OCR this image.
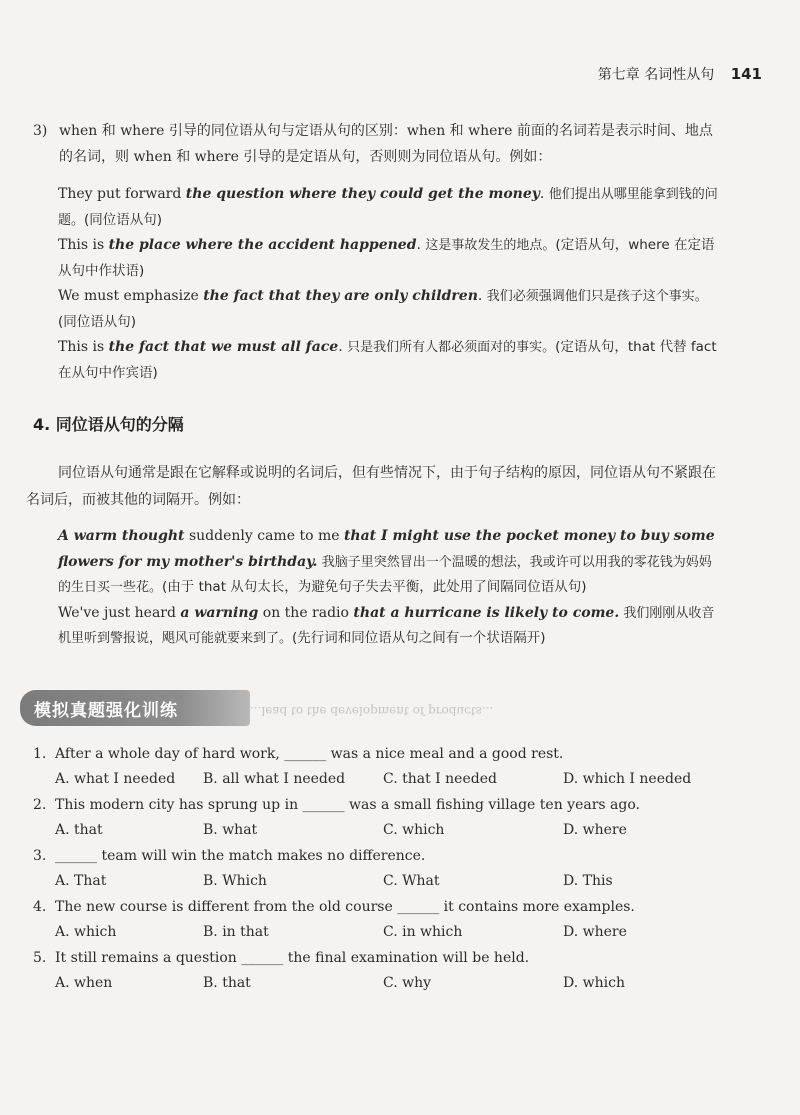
第七章 名词性从句 141
3) when 和 where 引导的同位语从句与定语从句的区别：when 和 where 前面的名词若是表示时间、地点的名词，则 when 和 where 引导的是定语从句，否则则为同位语从句。例如：

They put forward the question where they could get the money. 他们提出从哪里能拿到钱的问题。(同位语从句)

This is the place where the accident happened. 这是事故发生的地点。(定语从句，where 在定语从句中作状语)

We must emphasize the fact that they are only children. 我们必须强调他们只是孩子这个事实。(同位语从句)

This is the fact that we must all face. 只是我们所有人都必须面对的事实。(定语从句，that 代替 fact 在从句中作宾语)

4. 同位语从句的分隔
同位语从句通常是跟在它解释或说明的名词后，但有些情况下，由于句子结构的原因，同位语从句不紧跟在名词后，而被其他的词隔开。例如：

A warm thought suddenly came to me that I might use the pocket money to buy some flowers for my mother's birthday. 我脑子里突然冒出一个温暖的想法，我或许可以用我的零花钱为妈妈的生日买一些花。(由于 that 从句太长，为避免句子失去平衡，此处用了间隔同位语从句)

We've just heard a warning on the radio that a hurricane is likely to come. 我们刚刚从收音机里听到警报说，飓风可能就要来到了。(先行词和同位语从句之间有一个状语隔开)

模拟真题强化训练	...lead to the development of products...
1. After a whole day of hard work, ______ was a nice meal and a good rest.
A. what I needed B. all what I needed	C. that I needed	D. which I needed
2. This modern city has sprung up in ______ was a small fishing village ten years ago.
A. that	B. what	C. which	D. where
3. ______ team will win the match makes no difference.
A. That	B. Which	C. What	D. This
4. The new course is different from the old course ______ it contains more examples.
A. which	B. in that	C. in which	D. where
5. It still remains a question ______ the final examination will be held.
A. when	B. that	C. why	D. which
